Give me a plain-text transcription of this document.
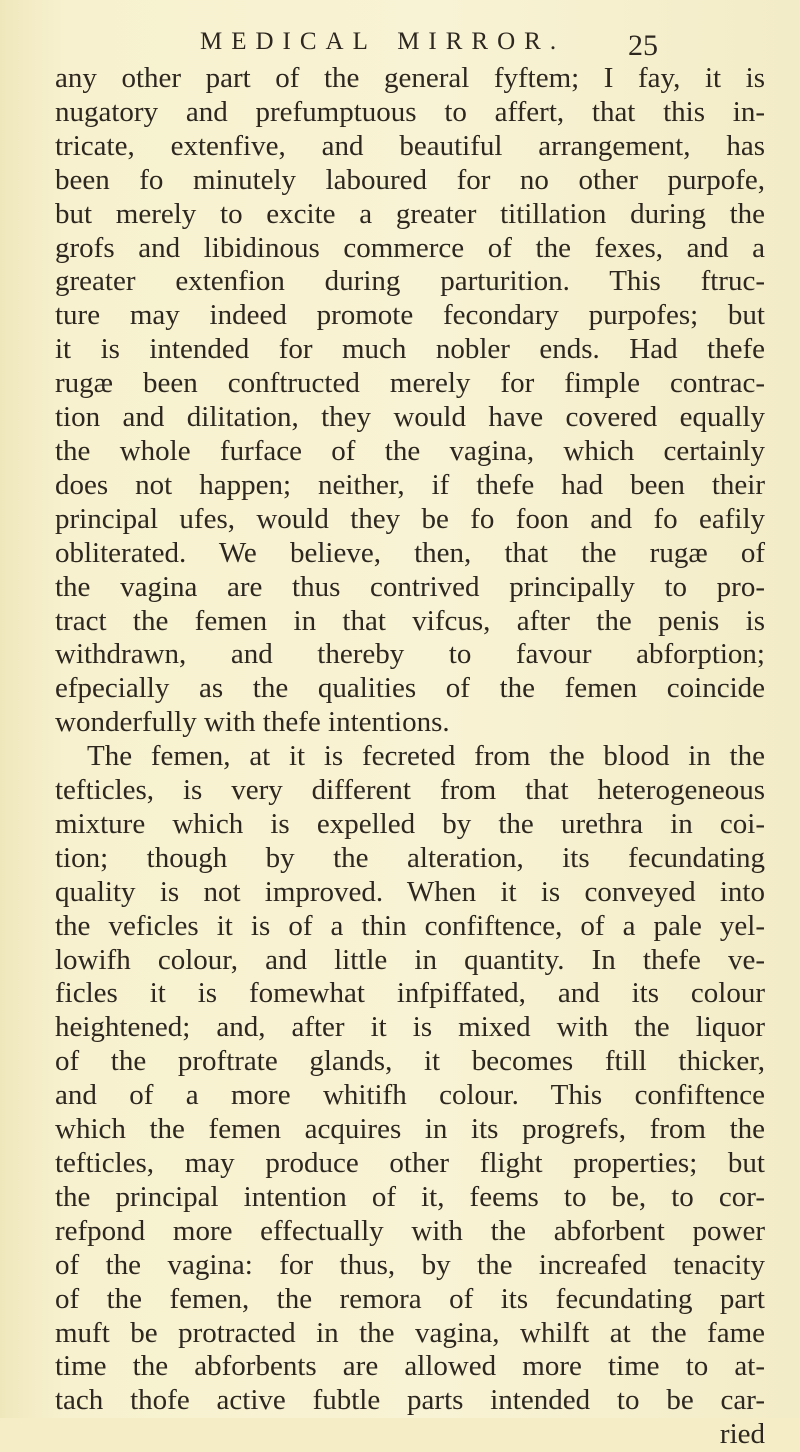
MEDICAL MIRROR. 25
any other part of the general fyftem; I fay, it is
nugatory and prefumptuous to affert, that this in-
tricate, extenfive, and beautiful arrangement, has
been fo minutely laboured for no other purpofe,
but merely to excite a greater titillation during the
grofs and libidinous commerce of the fexes, and a
greater extenfion during parturition. This ftruc-
ture may indeed promote fecondary purpofes; but
it is intended for much nobler ends. Had thefe
rugæ been conftructed merely for fimple contrac-
tion and dilitation, they would have covered equally
the whole furface of the vagina, which certainly
does not happen; neither, if thefe had been their
principal ufes, would they be fo foon and fo eafily
obliterated. We believe, then, that the rugæ of
the vagina are thus contrived principally to pro-
tract the femen in that vifcus, after the penis is
withdrawn, and thereby to favour abforption;
efpecially as the qualities of the femen coincide
wonderfully with thefe intentions.
The femen, at it is fecreted from the blood in the
tefticles, is very different from that heterogeneous
mixture which is expelled by the urethra in coi-
tion; though by the alteration, its fecundating
quality is not improved. When it is conveyed into
the veficles it is of a thin confiftence, of a pale yel-
lowifh colour, and little in quantity. In thefe ve-
ficles it is fomewhat infpiffated, and its colour
heightened; and, after it is mixed with the liquor
of the proftrate glands, it becomes ftill thicker,
and of a more whitifh colour. This confiftence
which the femen acquires in its progrefs, from the
tefticles, may produce other flight properties; but
the principal intention of it, feems to be, to cor-
refpond more effectually with the abforbent power
of the vagina: for thus, by the increafed tenacity
of the femen, the remora of its fecundating part
muft be protracted in the vagina, whilft at the fame
time the abforbents are allowed more time to at-
tach thofe active fubtle parts intended to be car-
ried
